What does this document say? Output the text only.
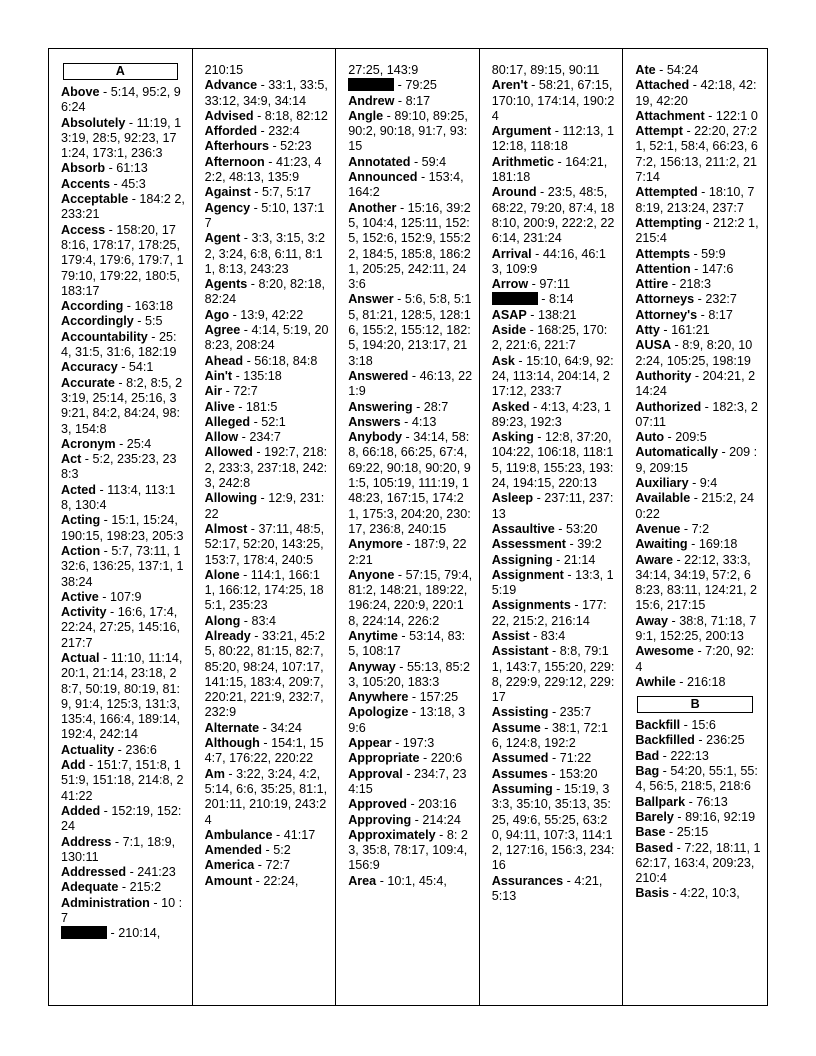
A
Above - 5:14, 95:2, 96:24
Absolutely - 11:19, 13:19, 28:5, 92:23, 171:24, 173:1, 236:3
Absorb - 61:13
Accents - 45:3
Acceptable - 184:2 2, 233:21
Access - 158:20, 178:16, 178:17, 178:25, 179:4, 179:6, 179:7, 179:10, 179:22, 180:5, 183:17
According - 163:18
Accordingly - 5:5
Accountability - 25: 4, 31:5, 31:6, 182:19
Accuracy - 54:1
Accurate - 8:2, 8:5, 23:19, 25:14, 25:16, 39:21, 84:2, 84:24, 98:3, 154:8
Acronym - 25:4
Act - 5:2, 235:23, 238:3
Acted - 113:4, 113:18, 130:4
Acting - 15:1, 15:24, 190:15, 198:23, 205:3
Action - 5:7, 73:11, 132:6, 136:25, 137:1, 138:24
Active - 107:9
Activity - 16:6, 17:4, 22:24, 27:25, 145:16, 217:7
Actual - 11:10, 11:14, 20:1, 21:14, 23:18, 28:7, 50:19, 80:19, 81:9, 91:4, 125:3, 131:3, 135:4, 166:4, 189:14, 192:4, 242:14
Actuality - 236:6
Add - 151:7, 151:8, 151:9, 151:18, 214:8, 241:22
Added - 152:19, 152:24
Address - 7:1, 18:9, 130:11
Addressed - 241:23
Adequate - 215:2
Administration - 10 :7
- 210:14,
210:15
Advance - 33:1, 33:5, 33:12, 34:9, 34:14
Advised - 8:18, 82:12
Afforded - 232:4
Afterhours - 52:23
Afternoon - 41:23, 42:2, 48:13, 135:9
Against - 5:7, 5:17
Agency - 5:10, 137:17
Agent - 3:3, 3:15, 3:22, 3:24, 6:8, 6:11, 8:11, 8:13, 243:23
Agents - 8:20, 82:18, 82:24
Ago - 13:9, 42:22
Agree - 4:14, 5:19, 208:23, 208:24
Ahead - 56:18, 84:8
Ain't - 135:18
Air - 72:7
Alive - 181:5
Alleged - 52:1
Allow - 234:7
Allowed - 192:7, 218:2, 233:3, 237:18, 242:3, 242:8
Allowing - 12:9, 231:22
Almost - 37:11, 48:5, 52:17, 52:20, 143:25, 153:7, 178:4, 240:5
Alone - 114:1, 166:11, 166:12, 174:25, 185:1, 235:23
Along - 83:4
Already - 33:21, 45:25, 80:22, 81:15, 82:7, 85:20, 98:24, 107:17, 141:15, 183:4, 209:7, 220:21, 221:9, 232:7, 232:9
Alternate - 34:24
Although - 154:1, 154:7, 176:22, 220:22
Am - 3:22, 3:24, 4:2, 5:14, 6:6, 35:25, 81:1, 201:11, 210:19, 243:24
Ambulance - 41:17
Amended - 5:2
America - 72:7
Amount - 22:24,
27:25, 143:9
- 79:25
Andrew - 8:17
Angle - 89:10, 89:25, 90:2, 90:18, 91:7, 93:15
Annotated - 59:4
Announced - 153:4, 164:2
Another - 15:16, 39:25, 104:4, 125:11, 152:5, 152:6, 152:9, 155:22, 184:5, 185:8, 186:21, 205:25, 242:11, 243:6
Answer - 5:6, 5:8, 5:15, 81:21, 128:5, 128:16, 155:2, 155:12, 182:5, 194:20, 213:17, 213:18
Answered - 46:13, 221:9
Answering - 28:7
Answers - 4:13
Anybody - 34:14, 58:8, 66:18, 66:25, 67:4, 69:22, 90:18, 90:20, 91:5, 105:19, 111:19, 148:23, 167:15, 174:21, 175:3, 204:20, 230:17, 236:8, 240:15
Anymore - 187:9, 222:21
Anyone - 57:15, 79:4, 81:2, 148:21, 189:22, 196:24, 220:9, 220:18, 224:14, 226:2
Anytime - 53:14, 83:5, 108:17
Anyway - 55:13, 85:23, 105:20, 183:3
Anywhere - 157:25
Apologize - 13:18, 39:6
Appear - 197:3
Appropriate - 220:6
Approval - 234:7, 234:15
Approved - 203:16
Approving - 214:24
Approximately - 8: 23, 35:8, 78:17, 109:4, 156:9
Area - 10:1, 45:4,
80:17, 89:15, 90:11
Aren't - 58:21, 67:15, 170:10, 174:14, 190:24
Argument - 112:13, 112:18, 118:18
Arithmetic - 164:21, 181:18
Around - 23:5, 48:5, 68:22, 79:20, 87:4, 188:10, 200:9, 222:2, 226:14, 231:24
Arrival - 44:16, 46:13, 109:9
Arrow - 97:11
- 8:14
ASAP - 138:21
Aside - 168:25, 170:2, 221:6, 221:7
Ask - 15:10, 64:9, 92:24, 113:14, 204:14, 217:12, 233:7
Asked - 4:13, 4:23, 189:23, 192:3
Asking - 12:8, 37:20, 104:22, 106:18, 118:15, 119:8, 155:23, 193:24, 194:15, 220:13
Asleep - 237:11, 237:13
Assaultive - 53:20
Assessment - 39:2
Assigning - 21:14
Assignment - 13:3, 15:19
Assignments - 177: 22, 215:2, 216:14
Assist - 83:4
Assistant - 8:8, 79:11, 143:7, 155:20, 229:8, 229:9, 229:12, 229:17
Assisting - 235:7
Assume - 38:1, 72:16, 124:8, 192:2
Assumed - 71:22
Assumes - 153:20
Assuming - 15:19, 33:3, 35:10, 35:13, 35:25, 49:6, 55:25, 63:20, 94:11, 107:3, 114:12, 127:16, 156:3, 234:16
Assurances - 4:21, 5:13
Ate - 54:24
Attached - 42:18, 42:19, 42:20
Attachment - 122:1 0
Attempt - 22:20, 27:21, 52:1, 58:4, 66:23, 67:2, 156:13, 211:2, 217:14
Attempted - 18:10, 78:19, 213:24, 237:7
Attempting - 212:2 1, 215:4
Attempts - 59:9
Attention - 147:6
Attire - 218:3
Attorneys - 232:7
Attorney's - 8:17
Atty - 161:21
AUSA - 8:9, 8:20, 102:24, 105:25, 198:19
Authority - 204:21, 214:24
Authorized - 182:3, 207:11
Auto - 209:5
Automatically - 209 :9, 209:15
Auxiliary - 9:4
Available - 215:2, 240:22
Avenue - 7:2
Awaiting - 169:18
Aware - 22:12, 33:3, 34:14, 34:19, 57:2, 68:23, 83:11, 124:21, 215:6, 217:15
Away - 38:8, 71:18, 79:1, 152:25, 200:13
Awesome - 7:20, 92:4
Awhile - 216:18
B
Backfill - 15:6
Backfilled - 236:25
Bad - 222:13
Bag - 54:20, 55:1, 55:4, 56:5, 218:5, 218:6
Ballpark - 76:13
Barely - 89:16, 92:19
Base - 25:15
Based - 7:22, 18:11, 162:17, 163:4, 209:23, 210:4
Basis - 4:22, 10:3,
